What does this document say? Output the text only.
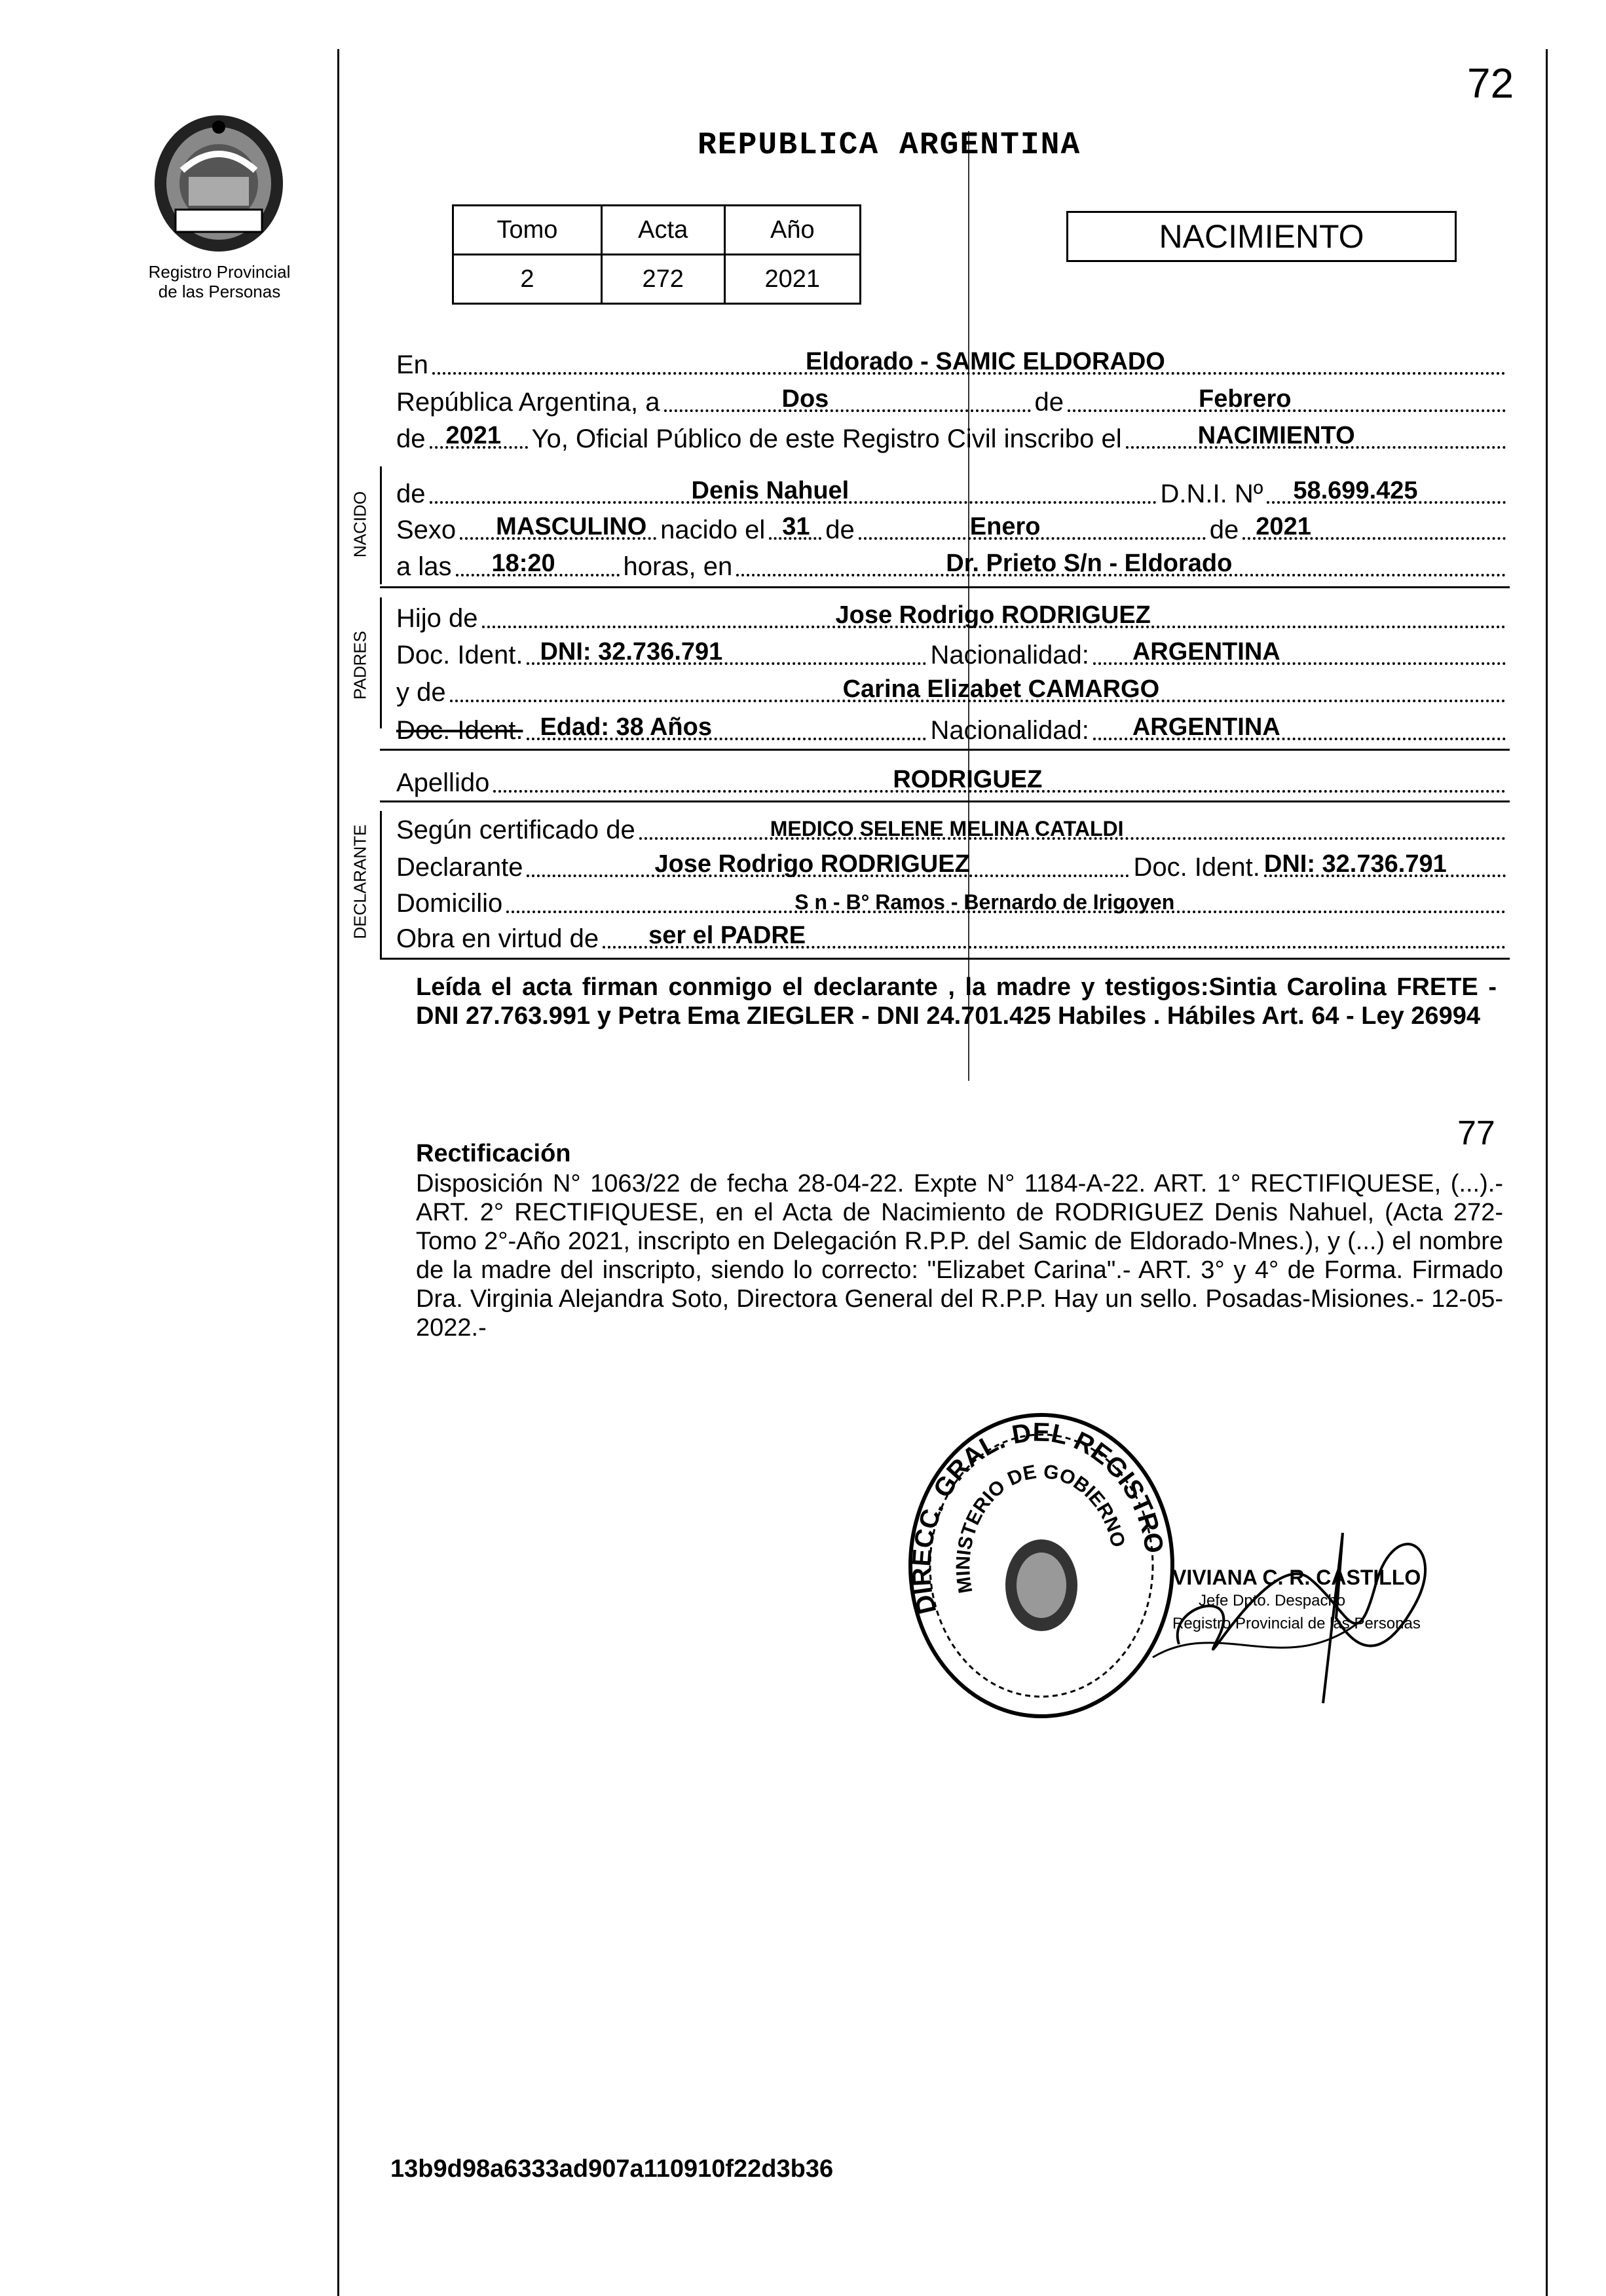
72
Registro Provincial
de las Personas
REPUBLICA ARGENTINA
Tomo	Acta	Año
2	272	2021
NACIMIENTO
En	Eldorado - SAMIC ELDORADO
República Argentina, a	Dos	de	Febrero
de 2021 Yo, Oficial Público de este Registro Civil inscribo el	NACIMIENTO
NACIDO de	Denis Nahuel	D.N.I. Nº 58.699.425
Sexo MASCULINO nacido el 31 de	Enero	de 2021
a las 18:20	horas, en	Dr. Prieto S/n - Eldorado
PADRES
Hijo de	Jose Rodrigo RODRIGUEZ
Doc. Ident. DNI: 32.736.791	Nacionalidad: ARGENTINA
y de	Carina Elizabet CAMARGO
Doc. Ident. Edad: 38 Años	Nacionalidad: ARGENTINA
Apellido	RODRIGUEZ
DECLARANTE Según certificado de	MEDICO SELENE MELINA CATALDI
Declarante	Jose Rodrigo RODRIGUEZ	Doc. Ident. DNI: 32.736.791
Domicilio	S n - B° Ramos - Bernardo de Irigoyen
Obra en virtud de ser el PADRE
Leída el acta firman conmigo el declarante , la madre y testigos:Sintia Carolina FRETE - DNI 27.763.991 y Petra Ema ZIEGLER - DNI 24.701.425 Habiles . Hábiles Art. 64 - Ley 26994
77
Rectificación
Disposición N° 1063/22 de fecha 28-04-22. Expte N° 1184-A-22. ART. 1° RECTIFIQUESE, (...).- ART. 2° RECTIFIQUESE, en el Acta de Nacimiento de RODRIGUEZ Denis Nahuel, (Acta 272-Tomo 2°-Año 2021, inscripto en Delegación R.P.P. del Samic de Eldorado-Mnes.), y (...) el nombre de la madre del inscripto, siendo lo correcto: "Elizabet Carina".- ART. 3° y 4° de Forma. Firmado Dra. Virginia Alejandra Soto, Directora General del R.P.P. Hay un sello. Posadas-Misiones.- 12-05-2022.-
DIRECC. GRAL. DEL REGISTRO
MINISTERIO DE GOBIERNO
VIVIANA C. R. CASTILLO
Jefe Dpto. Despacho
Registro Provincial de las Personas
13b9d98a6333ad907a110910f22d3b36
